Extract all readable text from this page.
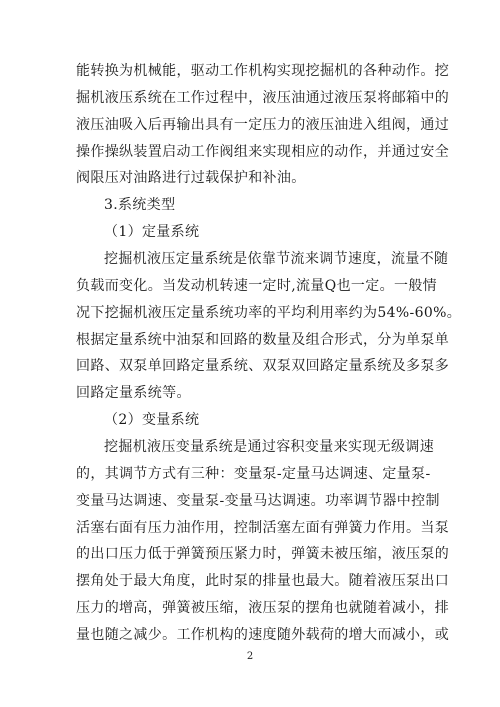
能转换为机械能，驱动工作机构实现挖掘机的各种动作。挖
掘机液压系统在工作过程中，液压油通过液压泵将邮箱中的
液压油吸入后再输出具有一定压力的液压油进入组阀，通过
操作操纵装置启动工作阀组来实现相应的动作，并通过安全
阀限压对油路进行过载保护和补油。
3.系统类型
（1）定量系统
挖掘机液压定量系统是依靠节流来调节速度，流量不随
负载而变化。当发动机转速一定时,流量Q也一定。一般情
况下挖掘机液压定量系统功率的平均利用率约为54%-60%。
根据定量系统中油泵和回路的数量及组合形式，分为单泵单
回路、双泵单回路定量系统、双泵双回路定量系统及多泵多
回路定量系统等。
（2）变量系统
挖掘机液压变量系统是通过容积变量来实现无级调速
的，其调节方式有三种：变量泵-定量马达调速、定量泵-
变量马达调速、变量泵-变量马达调速。功率调节器中控制
活塞右面有压力油作用，控制活塞左面有弹簧力作用。当泵
的出口压力低于弹簧预压紧力时，弹簧未被压缩，液压泵的
摆角处于最大角度，此时泵的排量也最大。随着液压泵出口
压力的增高，弹簧被压缩，液压泵的摆角也就随着减小，排
量也随之减少。工作机构的速度随外载荷的增大而减小，或
2
